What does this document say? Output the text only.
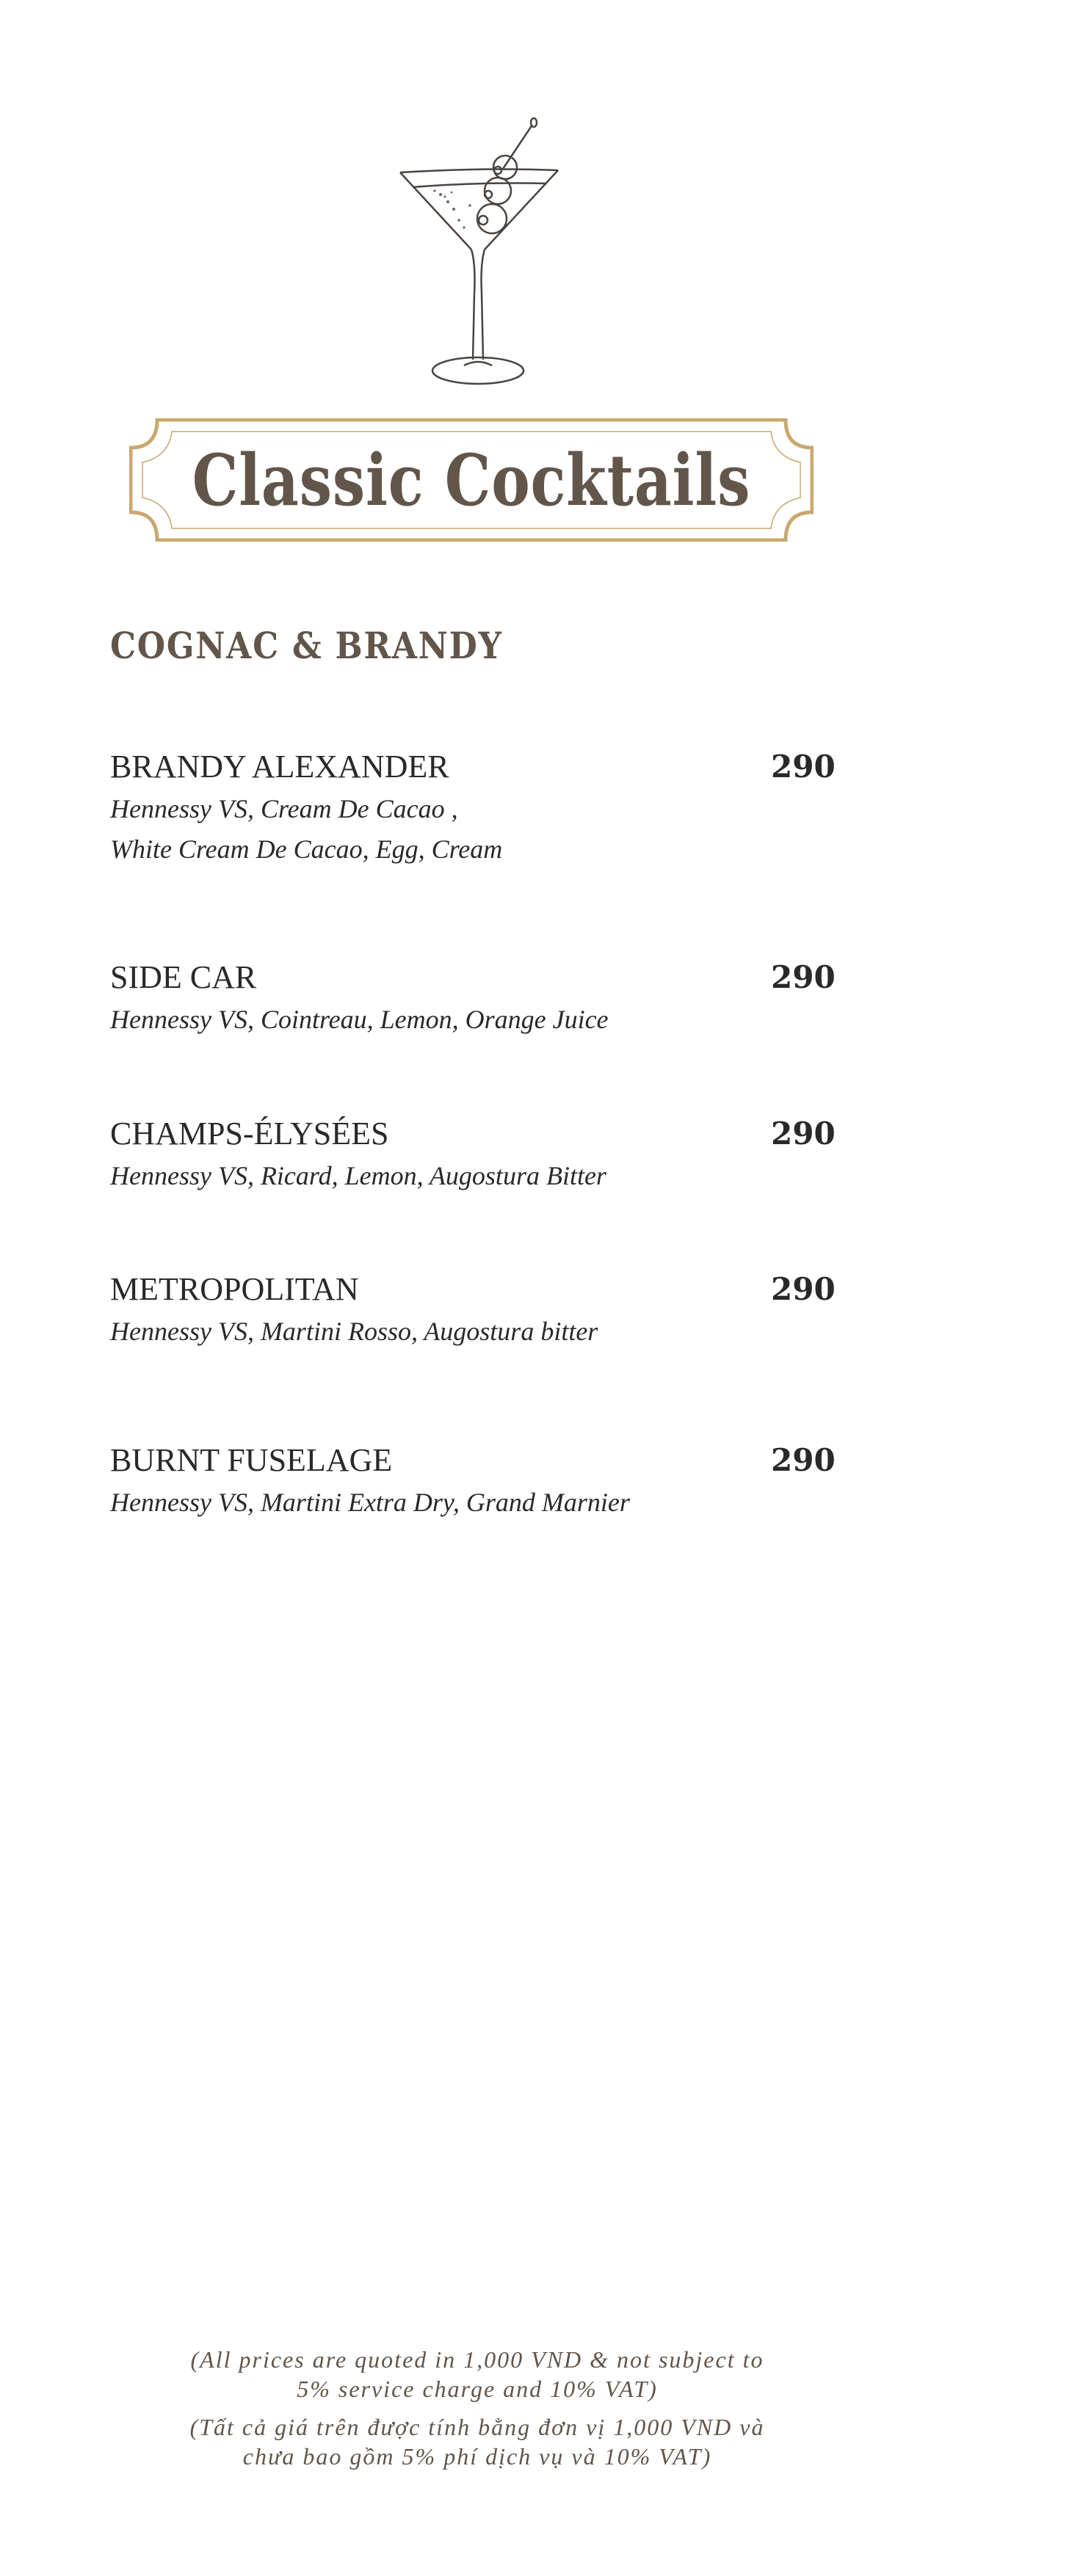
Classic Cocktails
COGNAC & BRANDY
BRANDY ALEXANDER
Hennessy VS, Cream De Cacao ,
White Cream De Cacao, Egg, Cream
290
SIDE CAR
Hennessy VS, Cointreau, Lemon, Orange Juice
290
CHAMPS-ÉLYSÉES
Hennessy VS, Ricard, Lemon, Augostura Bitter
290
METROPOLITAN
Hennessy VS, Martini Rosso, Augostura bitter
290
BURNT FUSELAGE
Hennessy VS, Martini Extra Dry, Grand Marnier
290

(All prices are quoted in 1,000 VND & not subject to
5% service charge and 10% VAT)

(Tất cả giá trên được tính bằng đơn vị 1,000 VND và
chưa bao gồm 5% phí dịch vụ và 10% VAT)
